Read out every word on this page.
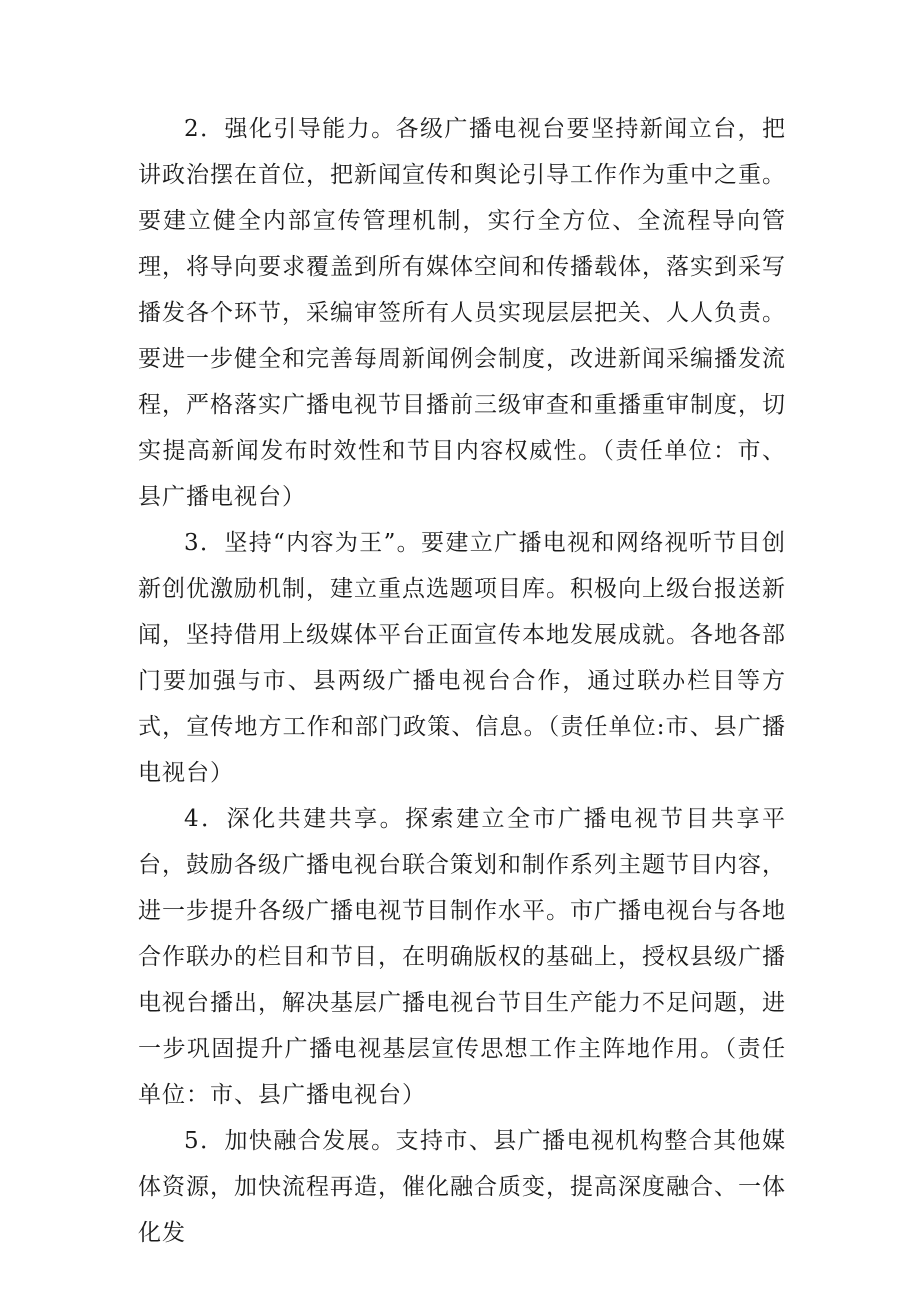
2．强化引导能力。各级广播电视台要坚持新闻立台，把讲政治摆在首位，把新闻宣传和舆论引导工作作为重中之重。要建立健全内部宣传管理机制，实行全方位、全流程导向管理，将导向要求覆盖到所有媒体空间和传播载体，落实到采写播发各个环节，采编审签所有人员实现层层把关、人人负责。要进一步健全和完善每周新闻例会制度，改进新闻采编播发流程，严格落实广播电视节目播前三级审查和重播重审制度，切实提高新闻发布时效性和节目内容权威性。（责任单位：市、县广播电视台）

3．坚持“内容为王”。要建立广播电视和网络视听节目创新创优激励机制，建立重点选题项目库。积极向上级台报送新闻，坚持借用上级媒体平台正面宣传本地发展成就。各地各部门要加强与市、县两级广播电视台合作，通过联办栏目等方式，宣传地方工作和部门政策、信息。（责任单位:市、县广播电视台）

4．深化共建共享。探索建立全市广播电视节目共享平台，鼓励各级广播电视台联合策划和制作系列主题节目内容，进一步提升各级广播电视节目制作水平。市广播电视台与各地合作联办的栏目和节目，在明确版权的基础上，授权县级广播电视台播出，解决基层广播电视台节目生产能力不足问题，进一步巩固提升广播电视基层宣传思想工作主阵地作用。（责任单位：市、县广播电视台）

5．加快融合发展。支持市、县广播电视机构整合其他媒体资源，加快流程再造，催化融合质变，提高深度融合、一体化发
